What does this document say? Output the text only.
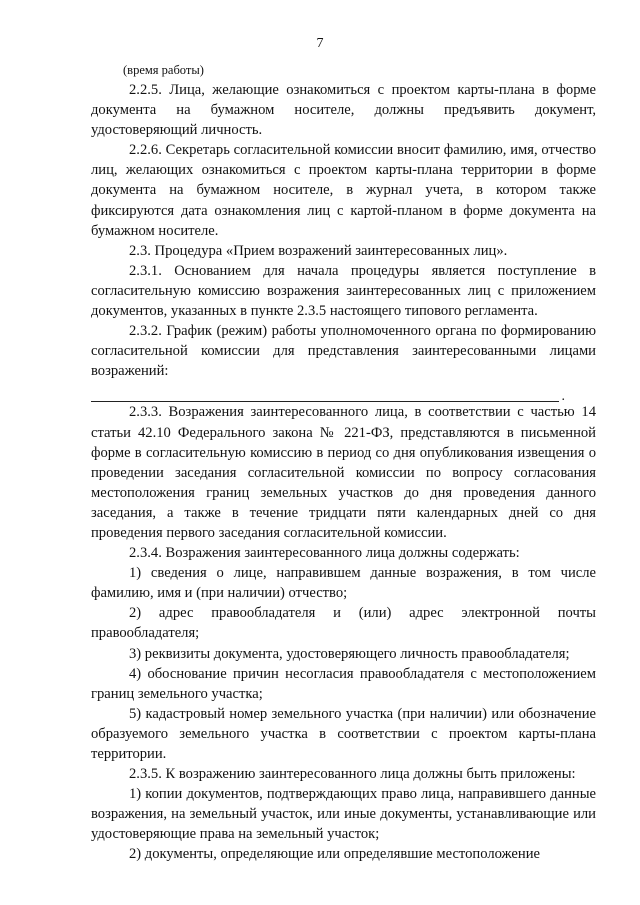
7
(время работы)

2.2.5. Лица, желающие ознакомиться с проектом карты-плана в форме документа на бумажном носителе, должны предъявить документ, удостоверяющий личность.

2.2.6. Секретарь согласительной комиссии вносит фамилию, имя, отчество лиц, желающих ознакомиться с проектом карты-плана территории в форме документа на бумажном носителе, в журнал учета, в котором также фиксируются дата ознакомления лиц с картой-планом в форме документа на бумажном носителе.

2.3. Процедура «Прием возражений заинтересованных лиц».

2.3.1. Основанием для начала процедуры является поступление в согласительную комиссию возражения заинтересованных лиц с приложением документов, указанных в пункте 2.3.5 настоящего типового регламента.

2.3.2. График (режим) работы уполномоченного органа по формированию согласительной комиссии для представления заинтересованными лицами возражений:

.

2.3.3. Возражения заинтересованного лица, в соответствии с частью 14 статьи 42.10 Федерального закона № 221-ФЗ, представляются в письменной форме в согласительную комиссию в период со дня опубликования извещения о проведении заседания согласительной комиссии по вопросу согласования местоположения границ земельных участков до дня проведения данного заседания, а также в течение тридцати пяти календарных дней со дня проведения первого заседания согласительной комиссии.

2.3.4. Возражения заинтересованного лица должны содержать:

1) сведения о лице, направившем данные возражения, в том числе фамилию, имя и (при наличии) отчество;

2) адрес правообладателя и (или) адрес электронной почты правообладателя;

3) реквизиты документа, удостоверяющего личность правообладателя;

4) обоснование причин несогласия правообладателя с местоположением границ земельного участка;

5) кадастровый номер земельного участка (при наличии) или обозначение образуемого земельного участка в соответствии с проектом карты-плана территории.

2.3.5. К возражению заинтересованного лица должны быть приложены:

1) копии документов, подтверждающих право лица, направившего данные возражения, на земельный участок, или иные документы, устанавливающие или удостоверяющие права на земельный участок;

2) документы, определяющие или определявшие местоположение
